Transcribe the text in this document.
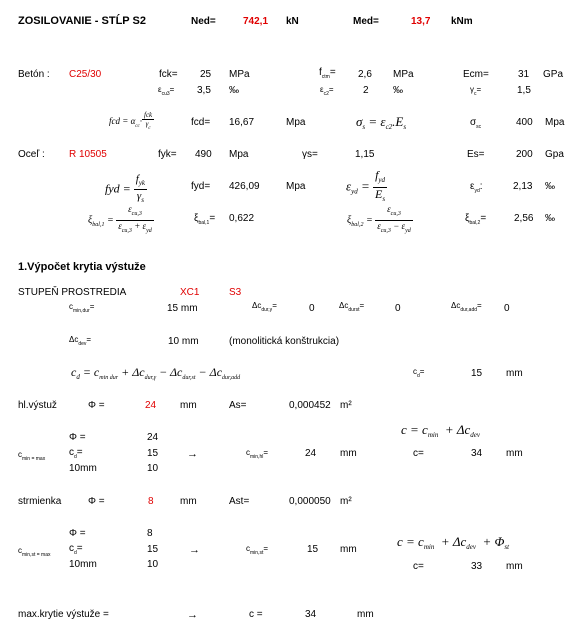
ZOSILOVANIE - STĹP S2	Ned=	742,1 kN	Med=	13,7 kNm
Betón : C25/30	fck= 25 MPa	$f_{ctm}= 2,6$ MPa	Ecm=	31 GPa
$\varepsilon_{cu3}= 3,5$ ‰	$\varepsilon_{c2}=$	2 ‰	$\gamma_c=$	1,5
fcd = $\alpha_{cc}\cdot \frac{\text{fck}}{\gamma_c}$	fcd= 16,67	Mpa	$\sigma_s = \varepsilon_{c2}.E_s$	$\sigma_{sc}$	400 Mpa
Oceľ : R 10505	fyk= 490 Mpa	γs=	1,15	Es=	200 Gpa
fyd = $\frac{f_{yk}}{\gamma_s}$	fyd= 426,09	Mpa	$\varepsilon_{yd} = \frac{f_{yd}}{E_s}$	$\varepsilon_{yd}$:	2,13 ‰
$\xi_{bal,1} = \frac{\varepsilon_{cu,3}}{\varepsilon_{cu,3} + \varepsilon_{yd}}$	$\xi_{bal,1}= 0,622$	$\xi_{bal,2} = \frac{\varepsilon_{cu,3}}{\varepsilon_{cu,3} - \varepsilon_{yd}}$	$\xi_{bal,2}=$	2,56 ‰
1.Výpočet krytia výstuže
STUPEŇ PROSTREDIA	XC1	S3
$c_{min,dur}=$	15 mm	$\Delta c_{dur,\gamma}=$	0	$\Delta c_{durst}=$	0	$\Delta c_{dur,add}= 0$
$\Delta c_{dev}=$	10 mm	(monolitická konštrukcia)
$c_d = c_{min dur} + \Delta c_{dur,\gamma} - \Delta c_{dur,st} - \Delta c_{dur,add}$
$c_d=$	15 mm
hl.výstuž	Φ =	24 mm	As=	0,000452 m²
Φ =	24
$c_d=$	15
10mm	10
$c_{min = max}$	→	$c_{min,hl}=$	24 mm
$c = c_{min} + \Delta c_{dev}$
c=	34 mm
strmienka	Φ =	8	mm	Ast=	0,000050 m²
Φ =	8
$c_d=$	15
10mm	10
$c_{min,st = max}$	→	$c_{min,st}=$	15 mm
$c = c_{min} + \Delta c_{dev} + \Phi_{st}$
c=	33 mm
max.krytie výstuže =	→	c =	34	mm
